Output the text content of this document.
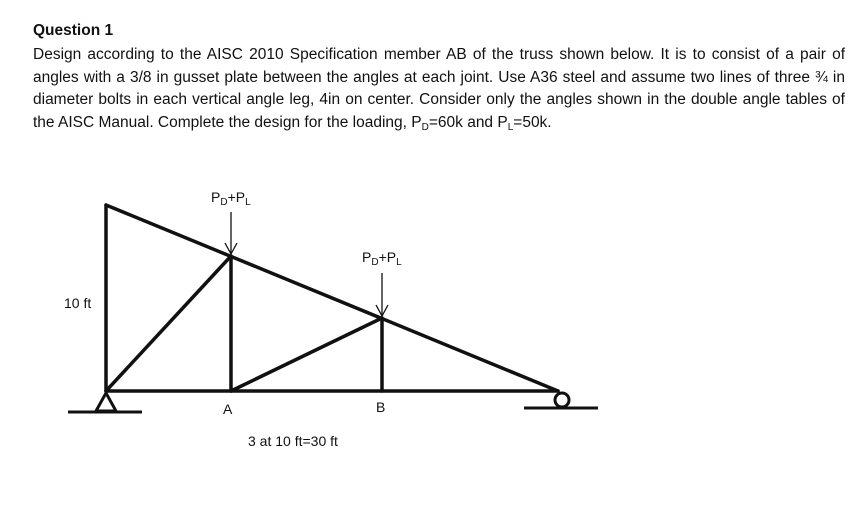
Question 1

Design according to the AISC 2010 Specification member AB of the truss shown below. It is to consist of a pair of angles with a 3/8 in gusset plate between the angles at each joint. Use A36 steel and assume two lines of three ¾ in diameter bolts in each vertical angle leg, 4in on center. Consider only the angles shown in the double angle tables of the AISC Manual. Complete the design for the loading, $P_D=60k$ and $P_L=50k$.

$P_D+P_L$
$P_D+P_L$
10 ft
A	B
3 at 10 ft=30 ft
